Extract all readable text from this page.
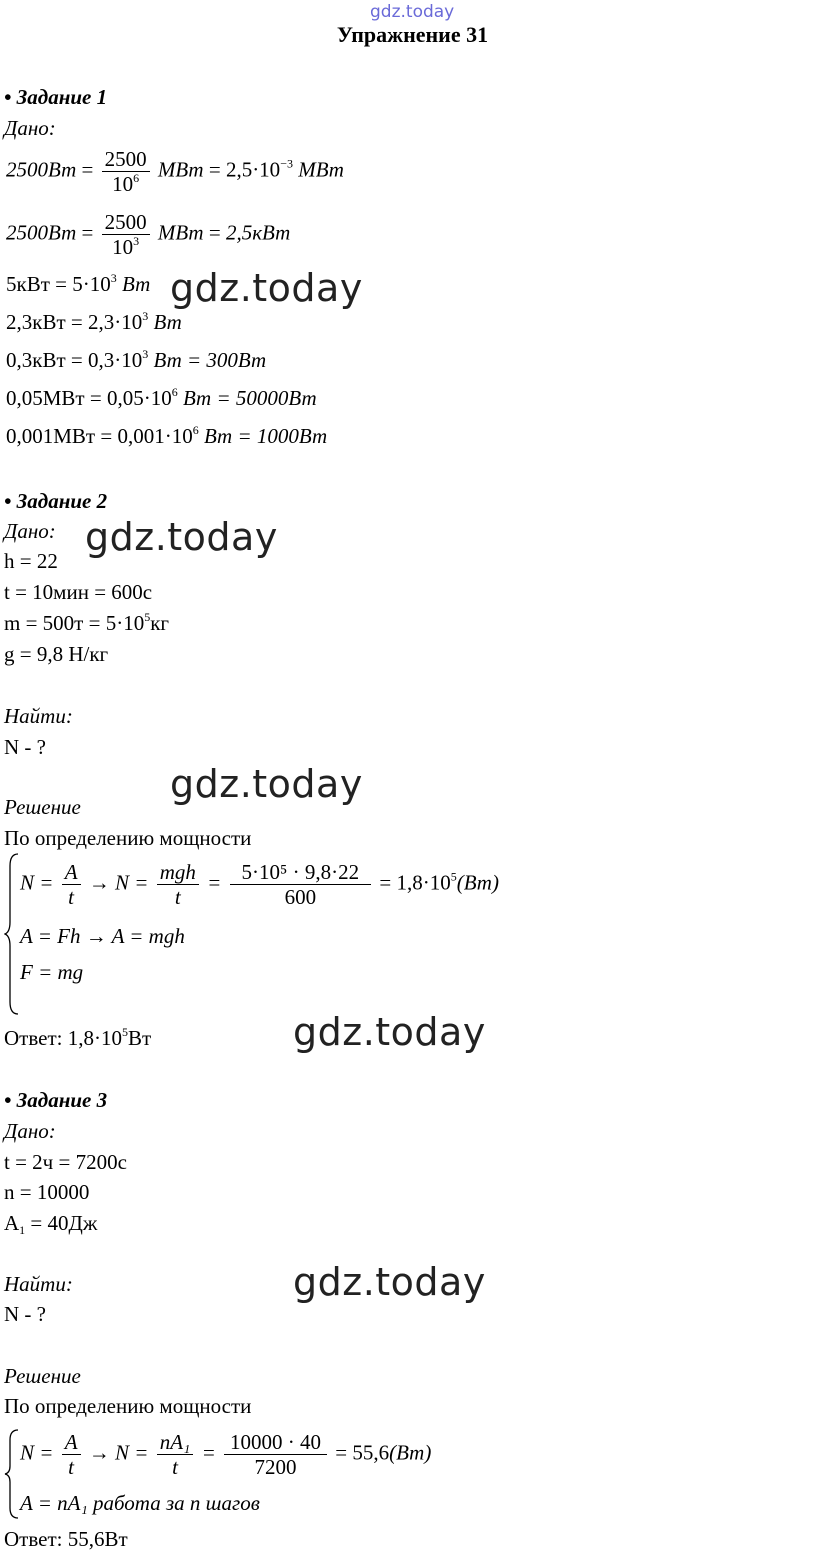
gdz.today
Упражнение 31
• Задание 1
Дано:
$2500Вт = \frac{2500}{10^6}$ МВт = $2,5\cdot 10^{-3}$ МВт
$2500Вт = \frac{2500}{10^3}$ МВт = 2,5кВт
$5кВт = 5\cdot 10^3$ Вт
$2,3кВт = 2,3\cdot 10^3$ Вт
$0,3кВт = 0,3\cdot 10^3$ Вт = 300Вт
$0,05МВт = 0,05\cdot 10^6$ Вт = 50000Вт
$0,001МВт = 0,001\cdot 10^6$ Вт = 1000Вт
gdz.today
• Задание 2
Дано:
h = 22
t = 10мин = 600с
$m = 500т = 5\cdot 10^5кг$
g = 9,8 Н/кг
gdz.today
Найти:
N - ?
gdz.today
Решение
По определению мощности
$N = \frac{A}{t} \to N = \frac{\text{mgh}}{t} = \frac{\text{5·10⁵ · 9,8·22}}{600} = 1,8\cdot 10^5(Вт)$
A = Fh → A = mgh
F = mg
Ответ: $1,8\cdot 10^5Вт$	gdz.today
• Задание 3
Дано:
t = 2ч = 7200с
n = 10000
$A_1 = 40Дж$
Найти:
N - ?
gdz.today
Решение
По определению мощности
$N = \frac{A}{t} \to N = \frac{\text{nA₁}}{t} = \frac{10000 \cdot 40}{7200} = 55,6(Вт)$
A = nA₁ работа за n шагов
Ответ: 55,6Вт
